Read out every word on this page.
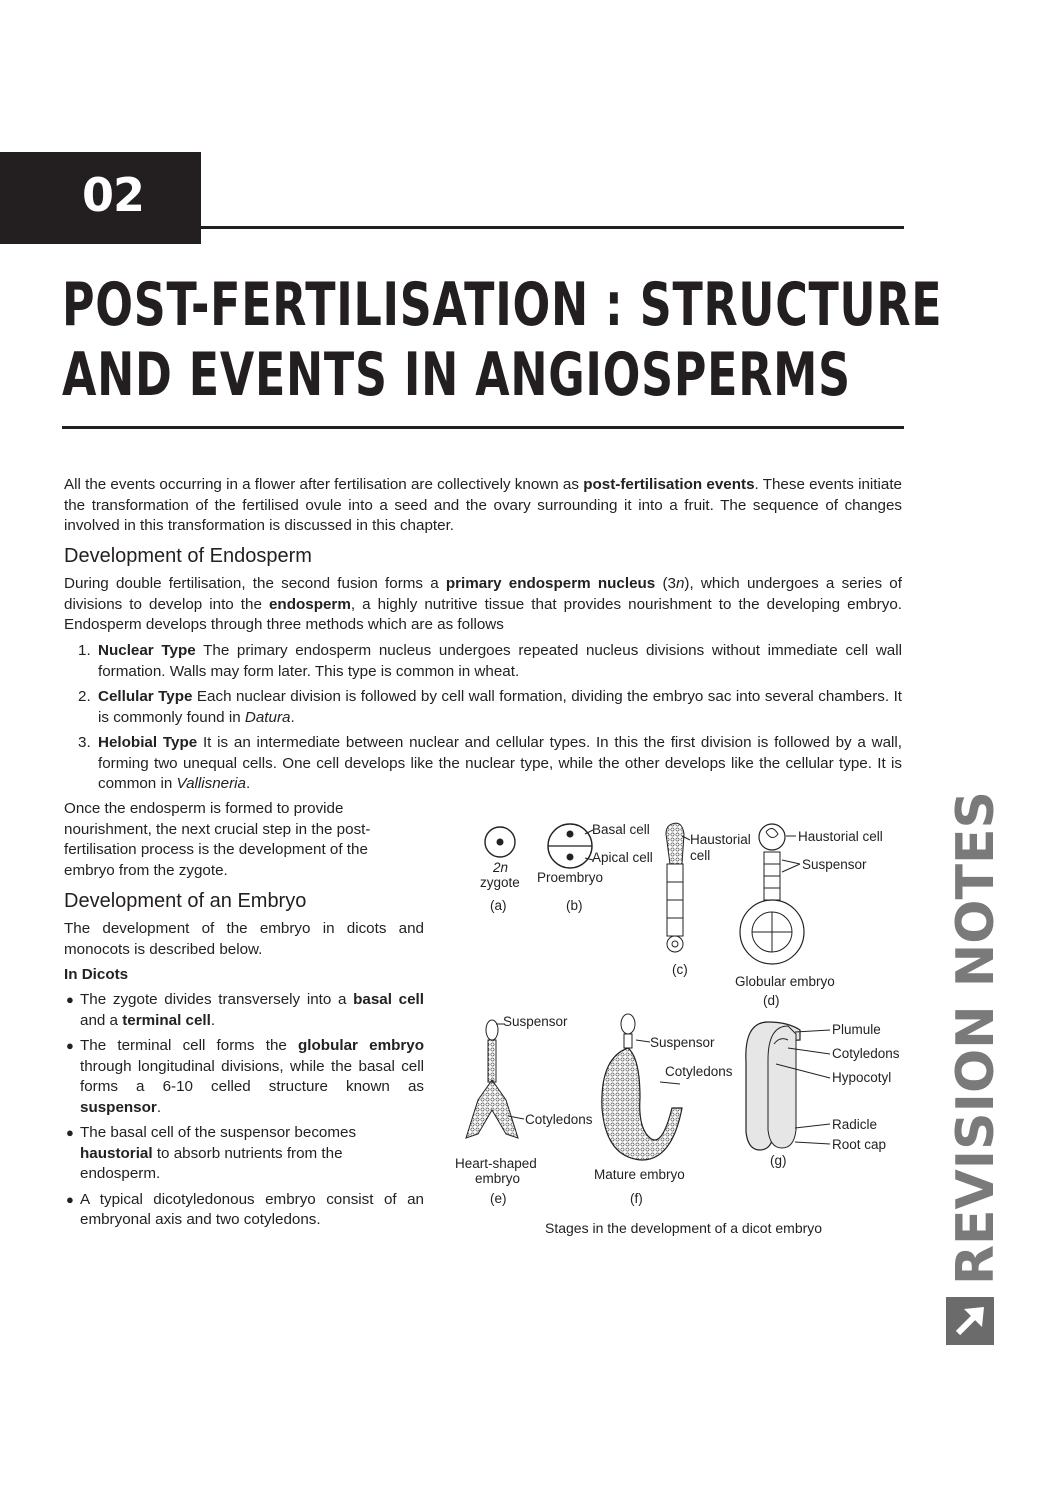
02
POST-FERTILISATION : STRUCTURE
AND EVENTS IN ANGIOSPERMS

All the events occurring in a flower after fertilisation are collectively known as post-fertilisation events. These events initiate the transformation of the fertilised ovule into a seed and the ovary surrounding it into a fruit. The sequence of changes involved in this transformation is discussed in this chapter.

Development of Endosperm

During double fertilisation, the second fusion forms a primary endosperm nucleus (3n), which undergoes a series of divisions to develop into the endosperm, a highly nutritive tissue that provides nourishment to the developing embryo. Endosperm develops through three methods which are as follows

1. Nuclear Type The primary endosperm nucleus undergoes repeated nucleus divisions without immediate cell wall formation. Walls may form later. This type is common in wheat.
2. Cellular Type Each nuclear division is followed by cell wall formation, dividing the embryo sac into several chambers. It is commonly found in Datura.
3. Helobial Type It is an intermediate between nuclear and cellular types. In this the first division is followed by a wall, forming two unequal cells. One cell develops like the nuclear type, while the other develops like the cellular type. It is common in Vallisneria.

Once the endosperm is formed to provide nourishment, the next crucial step in the post-fertilisation process is the development of the embryo from the zygote.

Development of an Embryo

The development of the embryo in dicots and monocots is described below.

In Dicots

● The zygote divides transversely into a basal cell and a terminal cell.
● The terminal cell forms the globular embryo through longitudinal divisions, while the basal cell forms a 6-10 celled structure known as suspensor.
● The basal cell of the suspensor becomes haustorial to absorb nutrients from the endosperm.
● A typical dicotyledonous embryo consist of an embryonal axis and two cotyledons.
2n
zygote
(a)
Basal cell
Apical cell
Proembryo
(b)
Haustorial
cell
(c)
Haustorial cell
Suspensor
Globular embryo
(d)
Suspensor
Cotyledons
Heart-shaped
embryo
(e)
Suspensor
Cotyledons
Mature embryo
(f)
Plumule
Cotyledons
Hypocotyl
Radicle
Root cap
(g)
Stages in the development of a dicot embryo REVISION NOTES
